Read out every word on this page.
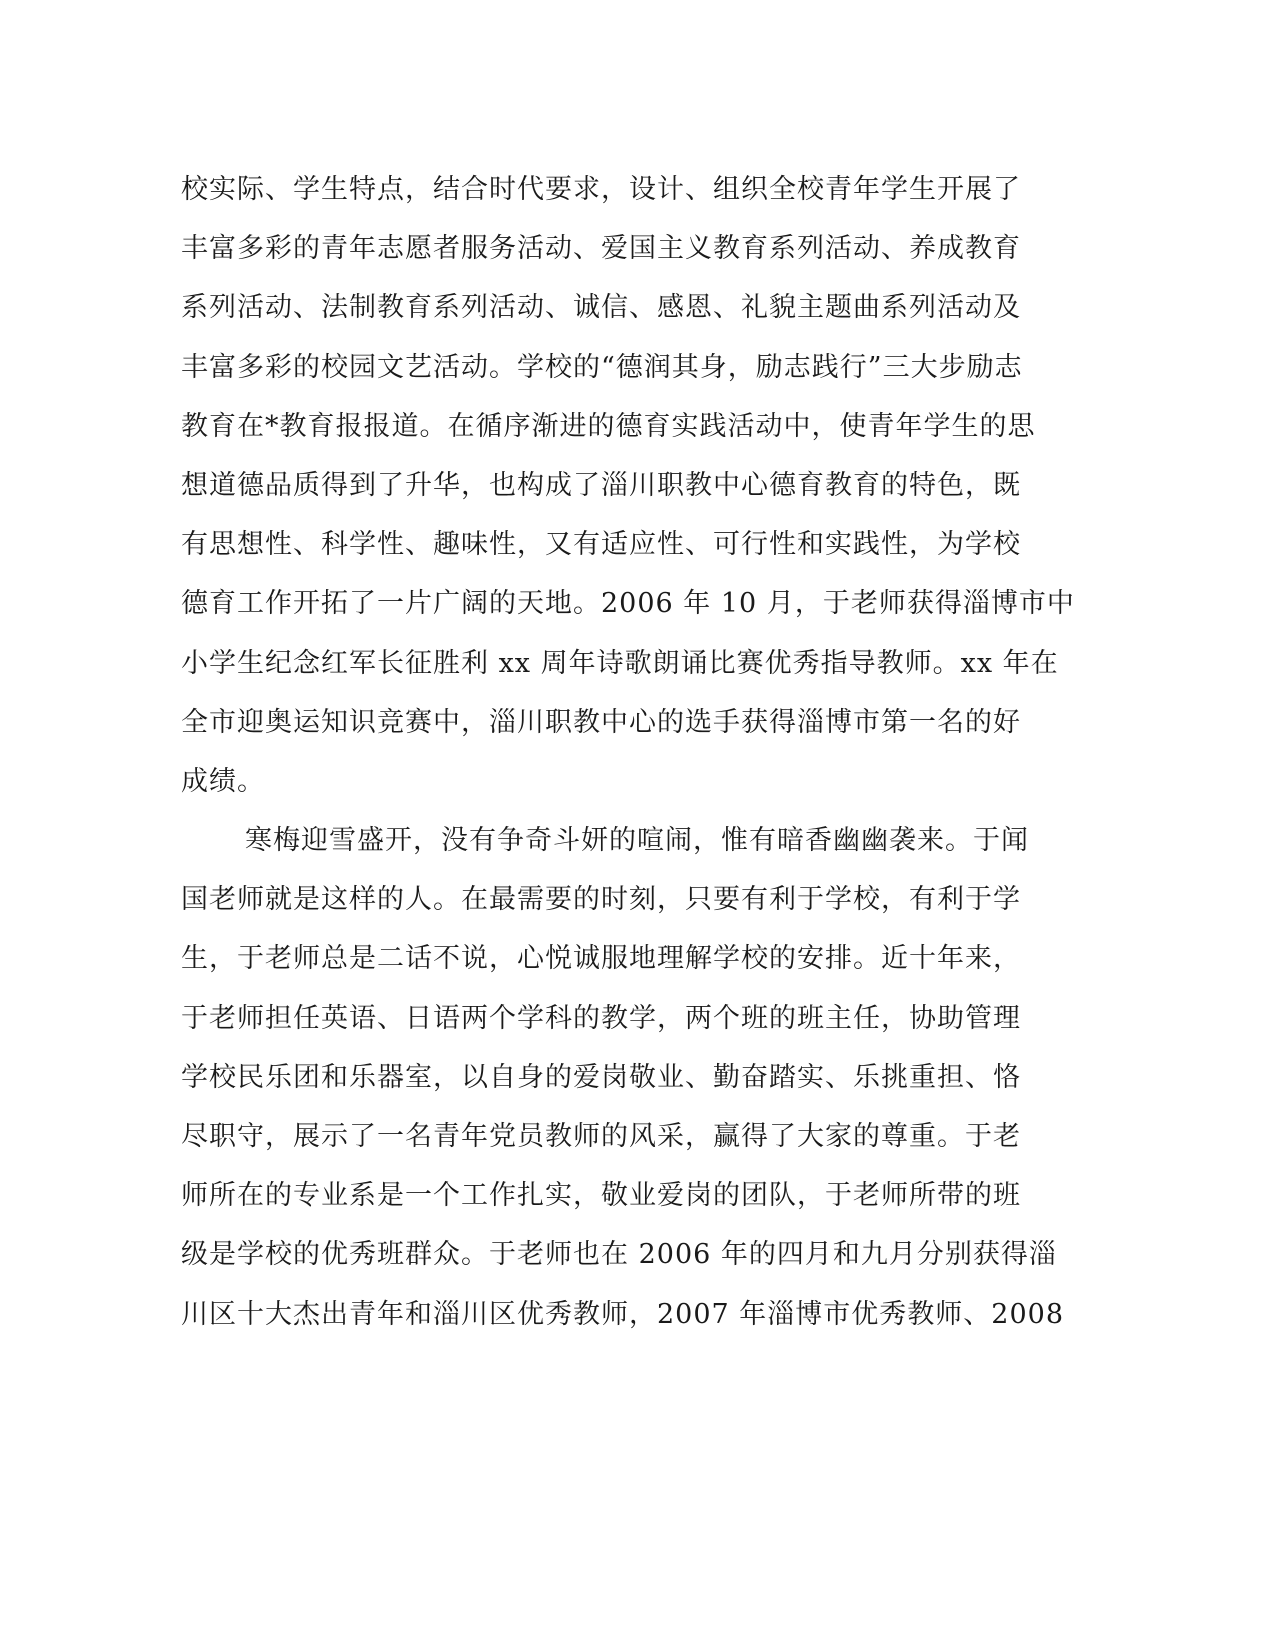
校实际、学生特点，结合时代要求，设计、组织全校青年学生开展了
丰富多彩的青年志愿者服务活动、爱国主义教育系列活动、养成教育
系列活动、法制教育系列活动、诚信、感恩、礼貌主题曲系列活动及
丰富多彩的校园文艺活动。学校的“德润其身，励志践行”三大步励志
教育在*教育报报道。在循序渐进的德育实践活动中，使青年学生的思
想道德品质得到了升华，也构成了淄川职教中心德育教育的特色，既
有思想性、科学性、趣味性，又有适应性、可行性和实践性，为学校
德育工作开拓了一片广阔的天地。2006 年 10 月，于老师获得淄博市中
小学生纪念红军长征胜利 xx 周年诗歌朗诵比赛优秀指导教师。xx 年在
全市迎奥运知识竞赛中，淄川职教中心的选手获得淄博市第一名的好
成绩。
寒梅迎雪盛开，没有争奇斗妍的喧闹，惟有暗香幽幽袭来。于闻
国老师就是这样的人。在最需要的时刻，只要有利于学校，有利于学
生，于老师总是二话不说，心悦诚服地理解学校的安排。近十年来，
于老师担任英语、日语两个学科的教学，两个班的班主任，协助管理
学校民乐团和乐器室，以自身的爱岗敬业、勤奋踏实、乐挑重担、恪
尽职守，展示了一名青年党员教师的风采，赢得了大家的尊重。于老
师所在的专业系是一个工作扎实，敬业爱岗的团队，于老师所带的班
级是学校的优秀班群众。于老师也在 2006 年的四月和九月分别获得淄
川区十大杰出青年和淄川区优秀教师，2007 年淄博市优秀教师、2008
